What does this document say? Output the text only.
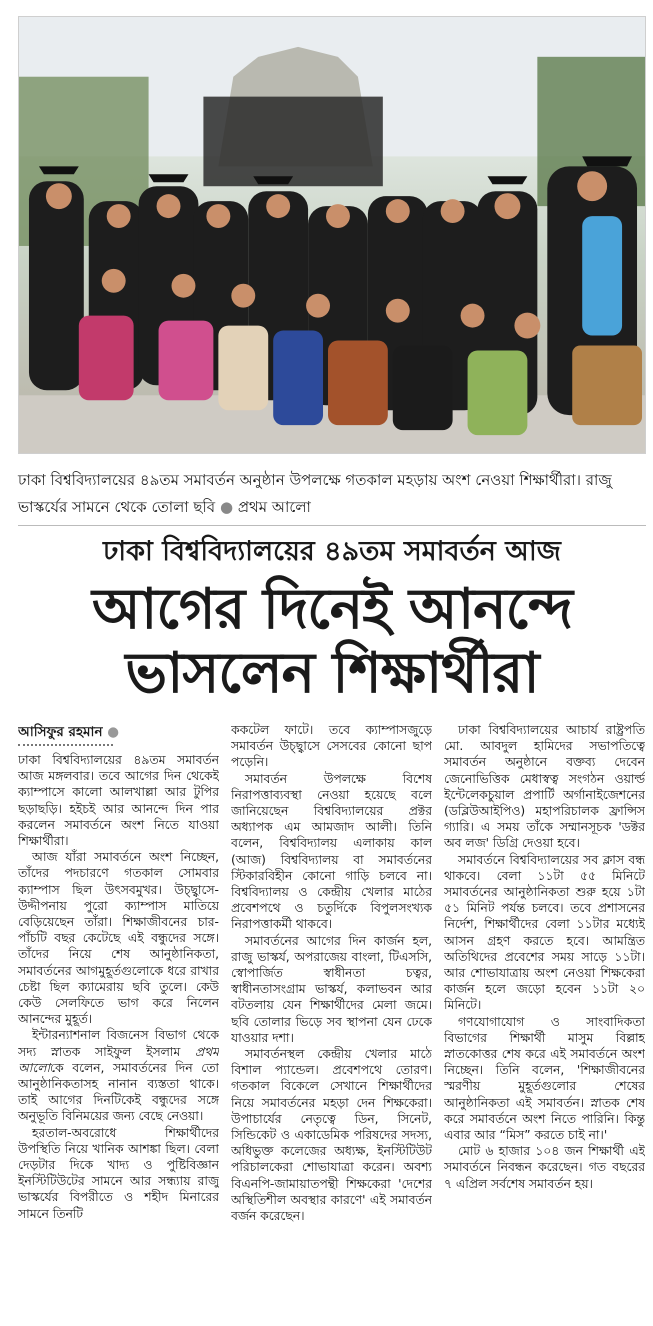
ঢাকা বিশ্ববিদ্যালয়ের ৪৯তম সমাবর্তন অনুষ্ঠান উপলক্ষে গতকাল মহড়ায় অংশ নেওয়া শিক্ষার্থীরা। রাজু ভাস্কর্যের সামনে থেকে তোলা ছবি ● প্রথম আলো
ঢাকা বিশ্ববিদ্যালয়ের ৪৯তম সমাবর্তন আজ
আগের দিনেই আনন্দে
ভাসলেন শিক্ষার্থীরা
আসিফুর রহমান ●

ঢাকা বিশ্ববিদ্যালয়ের ৪৯তম সমাবর্তন আজ মঙ্গলবার। তবে আগের দিন থেকেই ক্যাম্পাসে কালো আলখাল্লা আর টুপির ছড়াছড়ি। হইচই আর আনন্দে দিন পার করলেন সমাবর্তনে অংশ নিতে যাওয়া শিক্ষার্থীরা।

আজ যাঁরা সমাবর্তনে অংশ নিচ্ছেন, তাঁদের পদচারণে গতকাল সোমবার ক্যাম্পাস ছিল উৎসবমুখর। উচ্ছ্বাসে-উদ্দীপনায় পুরো ক্যাম্পাস মাতিয়ে বেড়িয়েছেন তাঁরা। শিক্ষাজীবনের চার-পাঁচটি বছর কেটেছে এই বন্ধুদের সঙ্গে। তাঁদের নিয়ে শেষ আনুষ্ঠানিকতা, সমাবর্তনের আগমুহূর্তগুলোকে ধরে রাখার চেষ্টা ছিল ক্যামেরায় ছবি তুলে। কেউ কেউ সেলফিতে ভাগ করে নিলেন আনন্দের মুহূর্ত।

ইন্টারন্যাশনাল বিজনেস বিভাগ থেকে সদ্য স্নাতক সাইফুল ইসলাম প্রথম আলোকে বলেন, সমাবর্তনের দিন তো আনুষ্ঠানিকতাসহ নানান ব্যস্ততা থাকে। তাই আগের দিনটিকেই বন্ধুদের সঙ্গে অনুভূতি বিনিময়ের জন্য বেছে নেওয়া।

হরতাল-অবরোধে শিক্ষার্থীদের উপস্থিতি নিয়ে খানিক আশঙ্কা ছিল। বেলা দেড়টার দিকে খাদ্য ও পুষ্টিবিজ্ঞান ইনস্টিটিউটের সামনে আর সন্ধ্যায় রাজু ভাস্কর্যের বিপরীতে ও শহীদ মিনারের সামনে তিনটি

ককটেল ফাটে। তবে ক্যাম্পাসজুড়ে সমাবর্তন উচ্ছ্বাসে সেসবের কোনো ছাপ পড়েনি।

সমাবর্তন উপলক্ষে বিশেষ নিরাপত্তাব্যবস্থা নেওয়া হয়েছে বলে জানিয়েছেন বিশ্ববিদ্যালয়ের প্রক্টর অধ্যাপক এম আমজাদ আলী। তিনি বলেন, বিশ্ববিদ্যালয় এলাকায় কাল (আজ) বিশ্ববিদ্যালয় বা সমাবর্তনের স্টিকারবিহীন কোনো গাড়ি চলবে না। বিশ্ববিদ্যালয় ও কেন্দ্রীয় খেলার মাঠের প্রবেশপথে ও চতুর্দিকে বিপুলসংখ্যক নিরাপত্তাকর্মী থাকবে।

সমাবর্তনের আগের দিন কার্জন হল, রাজু ভাস্কর্য, অপরাজেয় বাংলা, টিএসসি, স্বোপার্জিত স্বাধীনতা চত্বর, স্বাধীনতাসংগ্রাম ভাস্কর্য, কলাভবন আর বটতলায় যেন শিক্ষার্থীদের মেলা জমে। ছবি তোলার ভিড়ে সব স্থাপনা যেন ঢেকে যাওয়ার দশা।

সমাবর্তনস্থল কেন্দ্রীয় খেলার মাঠে বিশাল প্যান্ডেল। প্রবেশপথে তোরণ। গতকাল বিকেলে সেখানে শিক্ষার্থীদের নিয়ে সমাবর্তনের মহড়া দেন শিক্ষকেরা। উপাচার্যের নেতৃত্বে ডিন, সিনেট, সিন্ডিকেট ও একাডেমিক পরিষদের সদস্য, অধিভুক্ত কলেজের অধ্যক্ষ, ইনস্টিটিউট পরিচালকেরা শোভাযাত্রা করেন। অবশ্য বিএনপি-জামায়াতপন্থী শিক্ষকেরা 'দেশের অস্থিতিশীল অবস্থার কারণে' এই সমাবর্তন বর্জন করেছেন।

ঢাকা বিশ্ববিদ্যালয়ের আচার্য রাষ্ট্রপতি মো. আবদুল হামিদের সভাপতিত্বে সমাবর্তন অনুষ্ঠানে বক্তব্য দেবেন জেনোভিত্তিক মেধাস্বত্ব সংগঠন ওয়ার্ল্ড ইন্টেলেকচুয়াল প্রপার্টি অর্গানাইজেশনের (ডব্লিউআইপিও) মহাপরিচালক ফ্রান্সিস গ্যারি। এ সময় তাঁকে সম্মানসূচক 'ডক্টর অব লজ' ডিগ্রি দেওয়া হবে।

সমাবর্তনে বিশ্ববিদ্যালয়ের সব ক্লাস বন্ধ থাকবে। বেলা ১১টা ৫৫ মিনিটে সমাবর্তনের আনুষ্ঠানিকতা শুরু হয়ে ১টা ৫১ মিনিট পর্যন্ত চলবে। তবে প্রশাসনের নির্দেশ, শিক্ষার্থীদের বেলা ১১টার মধ্যেই আসন গ্রহণ করতে হবে। আমন্ত্রিত অতিথিদের প্রবেশের সময় সাড়ে ১১টা। আর শোভাযাত্রায় অংশ নেওয়া শিক্ষকেরা কার্জন হলে জড়ো হবেন ১১টা ২০ মিনিটে।

গণযোগাযোগ ও সাংবাদিকতা বিভাগের শিক্ষার্থী মাসুম বিল্লাহ স্নাতকোত্তর শেষ করে এই সমাবর্তনে অংশ নিচ্ছেন। তিনি বলেন, 'শিক্ষাজীবনের স্মরণীয় মুহূর্তগুলোর শেষের আনুষ্ঠানিকতা এই সমাবর্তন। স্নাতক শেষ করে সমাবর্তনে অংশ নিতে পারিনি। কিন্তু এবার আর “মিস” করতে চাই না।'

মোট ৬ হাজার ১০৪ জন শিক্ষার্থী এই সমাবর্তনে নিবন্ধন করেছেন। গত বছরের ৭ এপ্রিল সর্বশেষ সমাবর্তন হয়।
